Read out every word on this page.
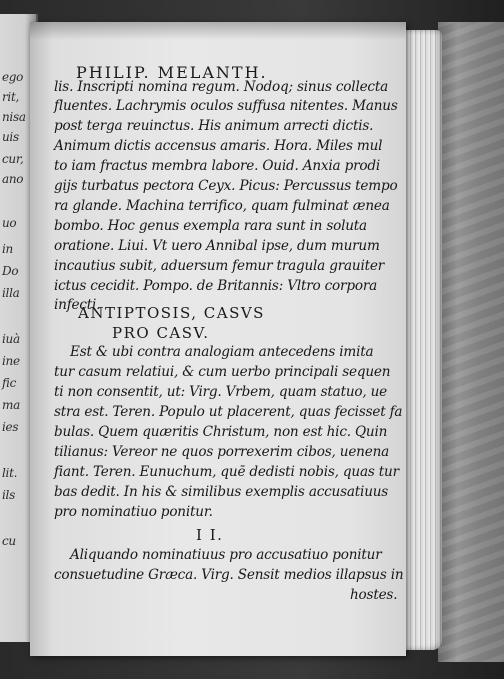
ego
rit,
nisa
uis
cur,
ano
uo
in
Do
illa
iuà
ine
fic
ma
ies
lit.
ils
cu
PHILIP. MELANTH.
lis. Inscripti nomina regum. Nodoq; sinus collecta
fluentes. Lachrymis oculos suffusa nitentes. Manus
post terga reuinctus. His animum arrecti dictis.
Animum dictis accensus amaris. Hora. Miles mul
to iam fractus membra labore. Ouid. Anxia prodi
gijs turbatus pectora Ceyx. Picus: Percussus tempo
ra glande. Machina terrifico, quam fulminat ænea
bombo. Hoc genus exempla rara sunt in soluta
oratione. Liui. Vt uero Annibal ipse, dum murum
incautius subit, aduersum femur tragula grauiter
ictus cecidit. Pompo. de Britannis: Vltro corpora
infecti.
ANTIPTOSIS, CASVS
PRO CASV.
Est & ubi contra analogiam antecedens imita
tur casum relatiui, & cum uerbo principali sequen
ti non consentit, ut: Virg. Vrbem, quam statuo, ue
stra est. Teren. Populo ut placerent, quas fecisset fa
bulas. Quem quæritis Christum, non est hic. Quin
tilianus: Vereor ne quos porrexerim cibos, uenena
fiant. Teren. Eunuchum, quē dedisti nobis, quas tur
bas dedit. In his & similibus exemplis accusatiuus
pro nominatiuo ponitur.
I I.
Aliquando nominatiuus pro accusatiuo ponitur
consuetudine Græca. Virg. Sensit medios illapsus in
hostes.
